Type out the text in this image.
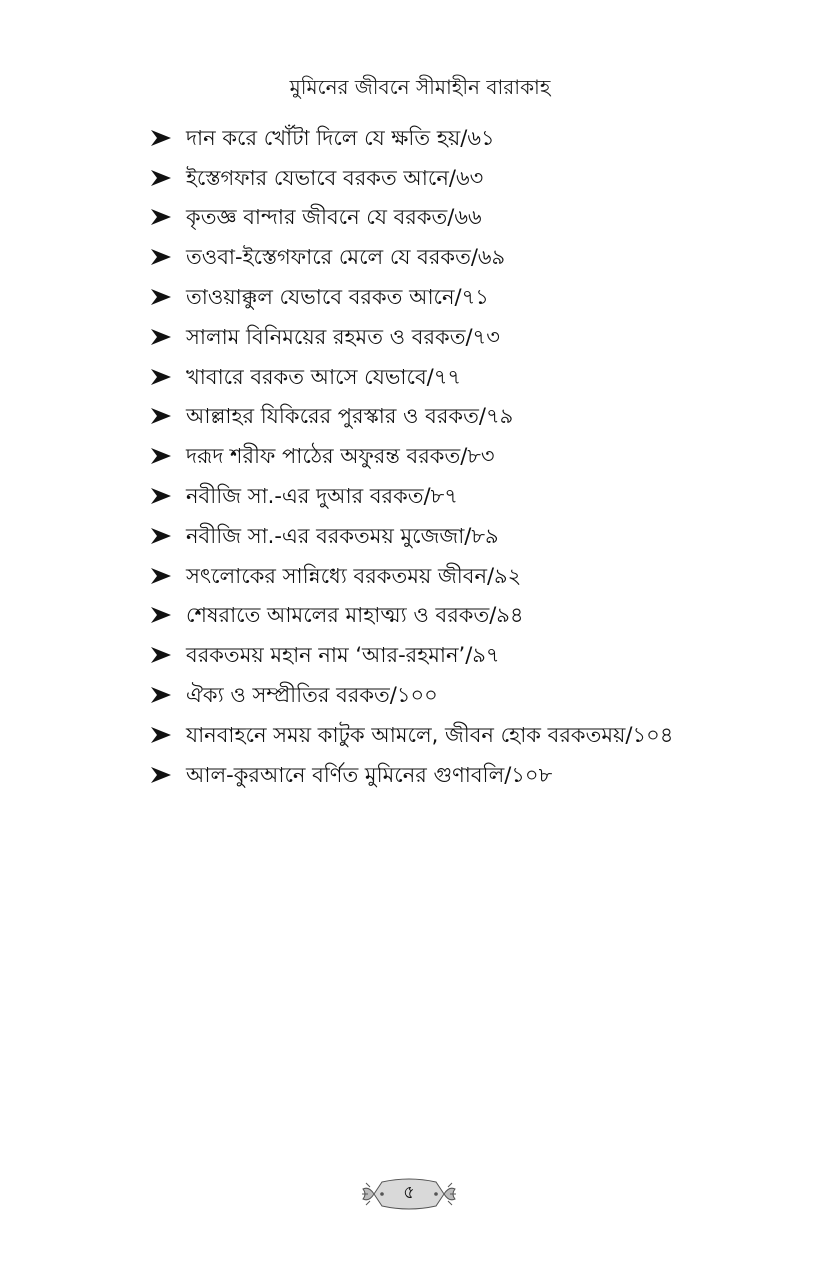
মুমিনের জীবনে সীমাহীন বারাকাহ
দান করে খোঁটা দিলে যে ক্ষতি হয়/৬১
ইস্তেগফার যেভাবে বরকত আনে/৬৩
কৃতজ্ঞ বান্দার জীবনে যে বরকত/৬৬
তওবা-ইস্তেগফারে মেলে যে বরকত/৬৯
তাওয়াক্কুল যেভাবে বরকত আনে/৭১
সালাম বিনিময়ের রহমত ও বরকত/৭৩
খাবারে বরকত আসে যেভাবে/৭৭
আল্লাহর যিকিরের পুরস্কার ও বরকত/৭৯
দরূদ শরীফ পাঠের অফুরন্ত বরকত/৮৩
নবীজি সা.-এর দুআর বরকত/৮৭
নবীজি সা.-এর বরকতময় মুজেজা/৮৯
সৎলোকের সান্নিধ্যে বরকতময় জীবন/৯২
শেষরাতে আমলের মাহাত্ম্য ও বরকত/৯৪
বরকতময় মহান নাম ‘আর-রহমান’/৯৭
ঐক্য ও সম্প্রীতির বরকত/১০০
যানবাহনে সময় কাটুক আমলে, জীবন হোক বরকতময়/১০৪
আল-কুরআনে বর্ণিত মুমিনের গুণাবলি/১০৮
৫
